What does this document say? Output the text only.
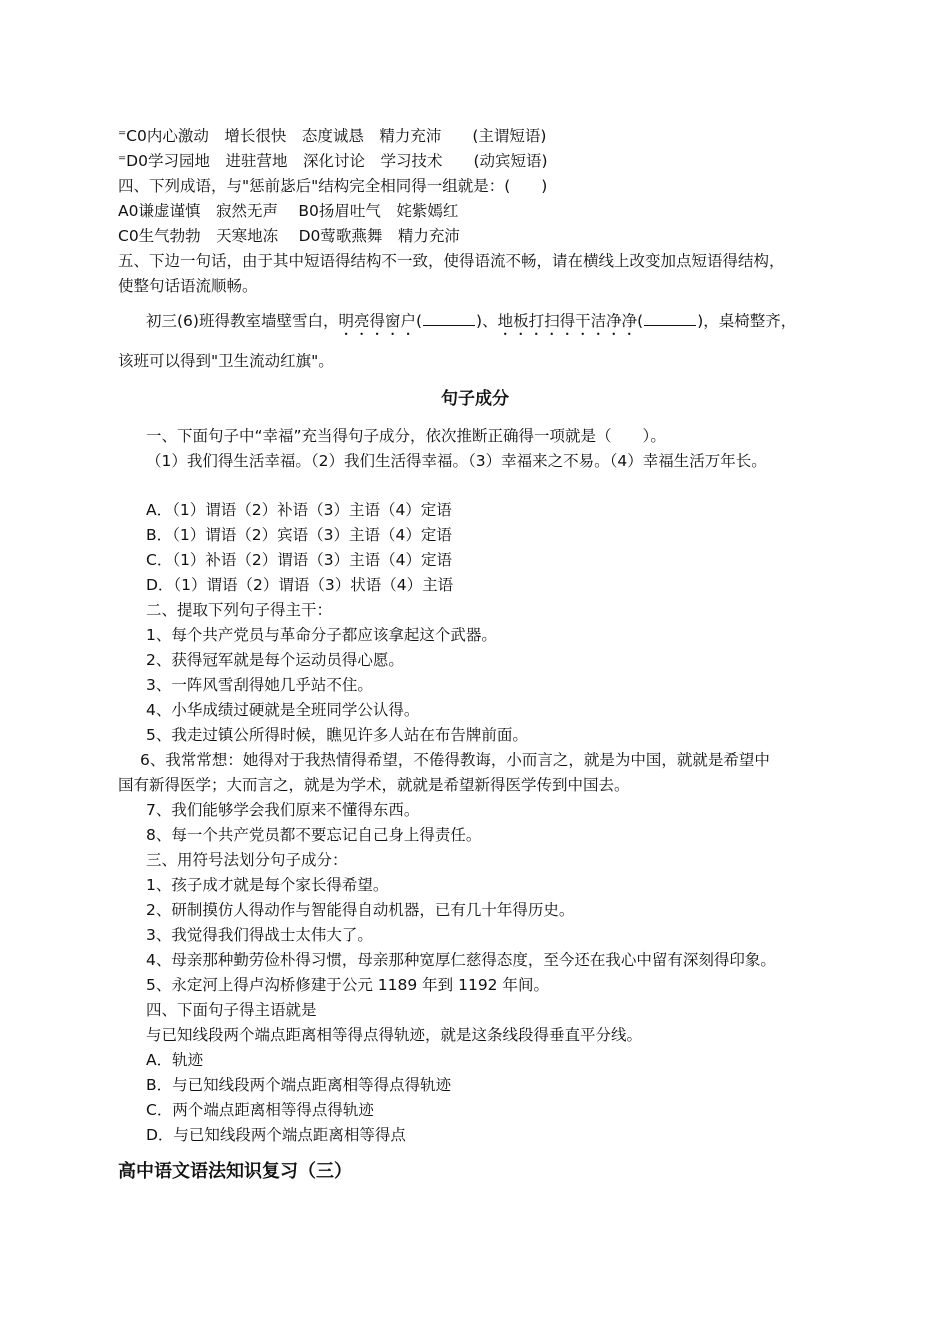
⁼C0内心激动　增长很快　态度诚恳　精力充沛　　(主谓短语)
⁼D0学习园地　进驻营地　深化讨论　学习技术　　(动宾短语)
四、下列成语，与"惩前毖后"结构完全相同得一组就是：(　　)
A0谦虚谨慎　寂然无声　 B0扬眉吐气　姹紫嫣红
C0生气勃勃　天寒地冻　 D0莺歌燕舞　精力充沛
五、下边一句话，由于其中短语得结构不一致，使得语流不畅，请在横线上改变加点短语得结构，
使整句话语流顺畅。
初三(6)班得教室墙壁雪白，明亮得窗户(	)、地板打扫得干洁净净(	)，桌椅整齐，
该班可以得到"卫生流动红旗"。
句子成分
一、下面句子中“幸福”充当得句子成分，依次推断正确得一项就是（　　）。
（1）我们得生活幸福。（2）我们生活得幸福。（3）幸福来之不易。（4）幸福生活万年长。
A．（1）谓语（2）补语（3）主语（4）定语
B．（1）谓语（2）宾语（3）主语（4）定语
C．（1）补语（2）谓语（3）主语（4）定语
D．（1）谓语（2）谓语（3）状语（4）主语
二、提取下列句子得主干：
1、每个共产党员与革命分子都应该拿起这个武器。
2、获得冠军就是每个运动员得心愿。
3、一阵风雪刮得她几乎站不住。
4、小华成绩过硬就是全班同学公认得。
5、我走过镇公所得时候，瞧见许多人站在布告牌前面。
6、我常常想：她得对于我热情得希望，不倦得教诲，小而言之，就是为中国，就就是希望中
国有新得医学；大而言之，就是为学术，就就是希望新得医学传到中国去。
7、我们能够学会我们原来不懂得东西。
8、每一个共产党员都不要忘记自己身上得责任。
三、用符号法划分句子成分：
1、孩子成才就是每个家长得希望。
2、研制摸仿人得动作与智能得自动机器，已有几十年得历史。
3、我觉得我们得战士太伟大了。
4、母亲那种勤劳俭朴得习惯，母亲那种宽厚仁慈得态度，至今还在我心中留有深刻得印象。
5、永定河上得卢沟桥修建于公元 1189 年到 1192 年间。
四、下面句子得主语就是
与已知线段两个端点距离相等得点得轨迹，就是这条线段得垂直平分线。
A．轨迹
B．与已知线段两个端点距离相等得点得轨迹
C．两个端点距离相等得点得轨迹
D．与已知线段两个端点距离相等得点
高中语文语法知识复习（三）
